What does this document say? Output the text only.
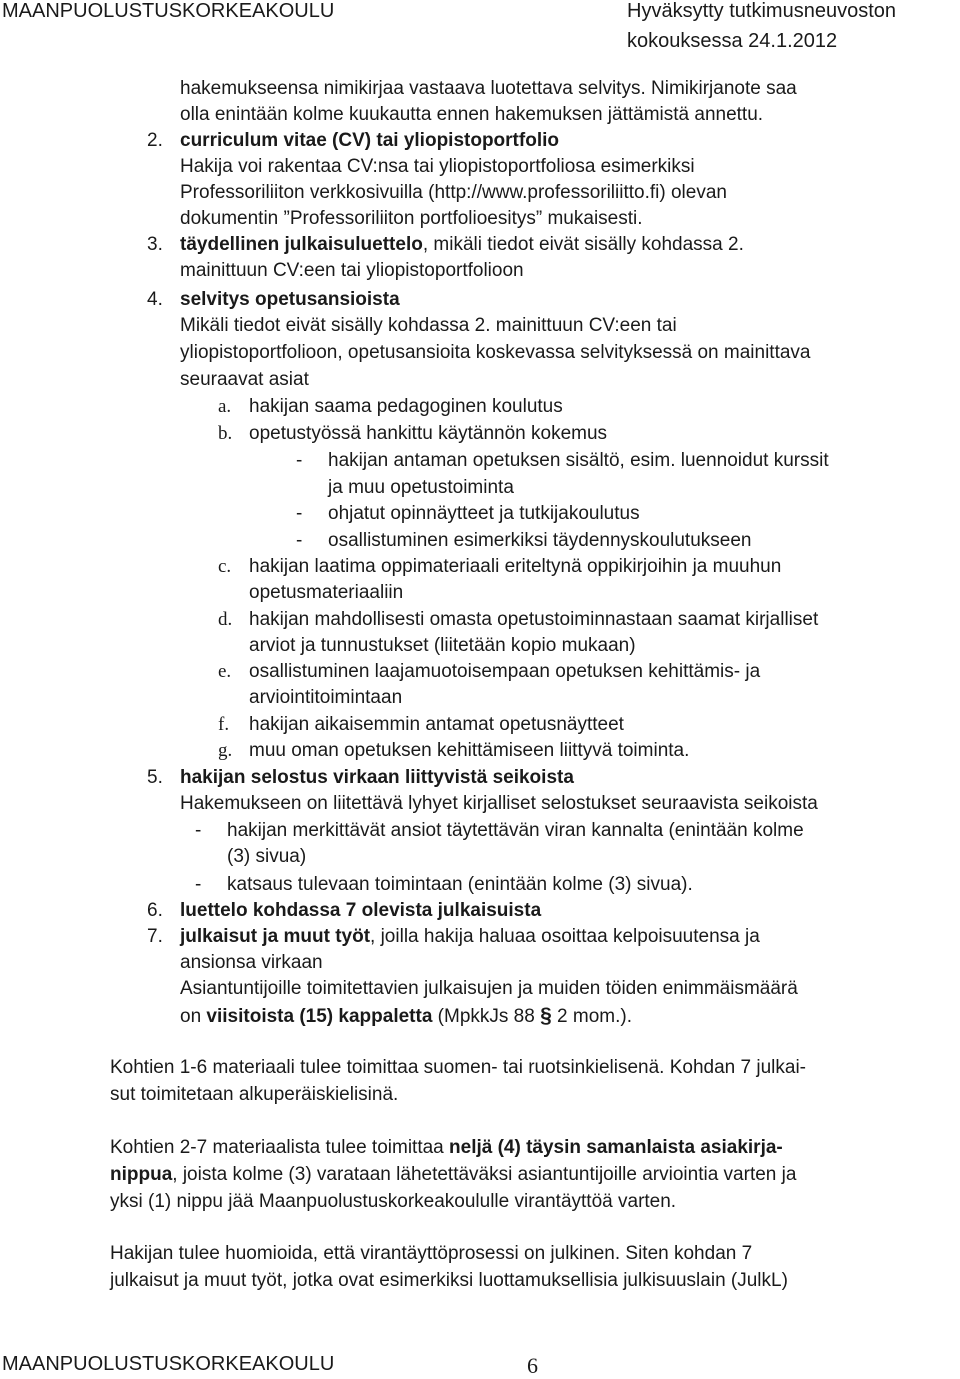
MAANPUOLUSTUSKORKEAKOULU	Hyväksytty tutkimusneuvoston
kokouksessa 24.1.2012
hakemukseensa nimikirjaa vastaava luotettava selvitys. Nimikirjanote saa
olla enintään kolme kuukautta ennen hakemuksen jättämistä annettu.
2. curriculum vitae (CV) tai yliopistoportfolio
Hakija voi rakentaa CV:nsa tai yliopistoportfoliosa esimerkiksi
Professoriliiton verkkosivuilla (http://www.professoriliitto.fi) olevan
dokumentin ”Professoriliiton portfolioesitys” mukaisesti.
3. täydellinen julkaisuluettelo, mikäli tiedot eivät sisälly kohdassa 2.
mainittuun CV:een tai yliopistoportfolioon
4. selvitys opetusansioista
Mikäli tiedot eivät sisälly kohdassa 2. mainittuun CV:een tai
yliopistoportfolioon, opetusansioita koskevassa selvityksessä on mainittava
seuraavat asiat
a. hakijan saama pedagoginen koulutus
b. opetustyössä hankittu käytännön kokemus
- hakijan antaman opetuksen sisältö, esim. luennoidut kurssit
ja muu opetustoiminta
- ohjatut opinnäytteet ja tutkijakoulutus
- osallistuminen esimerkiksi täydennyskoulutukseen
c. hakijan laatima oppimateriaali eriteltynä oppikirjoihin ja muuhun
opetusmateriaaliin
d. hakijan mahdollisesti omasta opetustoiminnastaan saamat kirjalliset
arviot ja tunnustukset (liitetään kopio mukaan)
e. osallistuminen laajamuotoisempaan opetuksen kehittämis- ja
arviointitoimintaan
f. hakijan aikaisemmin antamat opetusnäytteet
g. muu oman opetuksen kehittämiseen liittyvä toiminta.
5. hakijan selostus virkaan liittyvistä seikoista
Hakemukseen on liitettävä lyhyet kirjalliset selostukset seuraavista seikoista
- hakijan merkittävät ansiot täytettävän viran kannalta (enintään kolme
(3) sivua)
- katsaus tulevaan toimintaan (enintään kolme (3) sivua).
6. luettelo kohdassa 7 olevista julkaisuista
7. julkaisut ja muut työt, joilla hakija haluaa osoittaa kelpoisuutensa ja
ansionsa virkaan
Asiantuntijoille toimitettavien julkaisujen ja muiden töiden enimmäismäärä
on viisitoista (15) kappaletta (MpkkJs 88 § 2 mom.).
Kohtien 1-6 materiaali tulee toimittaa suomen- tai ruotsinkielisenä. Kohdan 7 julkai-
sut toimitetaan alkuperäiskielisinä.
Kohtien 2-7 materiaalista tulee toimittaa neljä (4) täysin samanlaista asiakirja-
nippua, joista kolme (3) varataan lähetettäväksi asiantuntijoille arviointia varten ja
yksi (1) nippu jää Maanpuolustuskorkeakoululle virantäyttöä varten.
Hakijan tulee huomioida, että virantäyttöprosessi on julkinen. Siten kohdan 7
julkaisut ja muut työt, jotka ovat esimerkiksi luottamuksellisia julkisuuslain (JulkL)
MAANPUOLUSTUSKORKEAKOULU	6
